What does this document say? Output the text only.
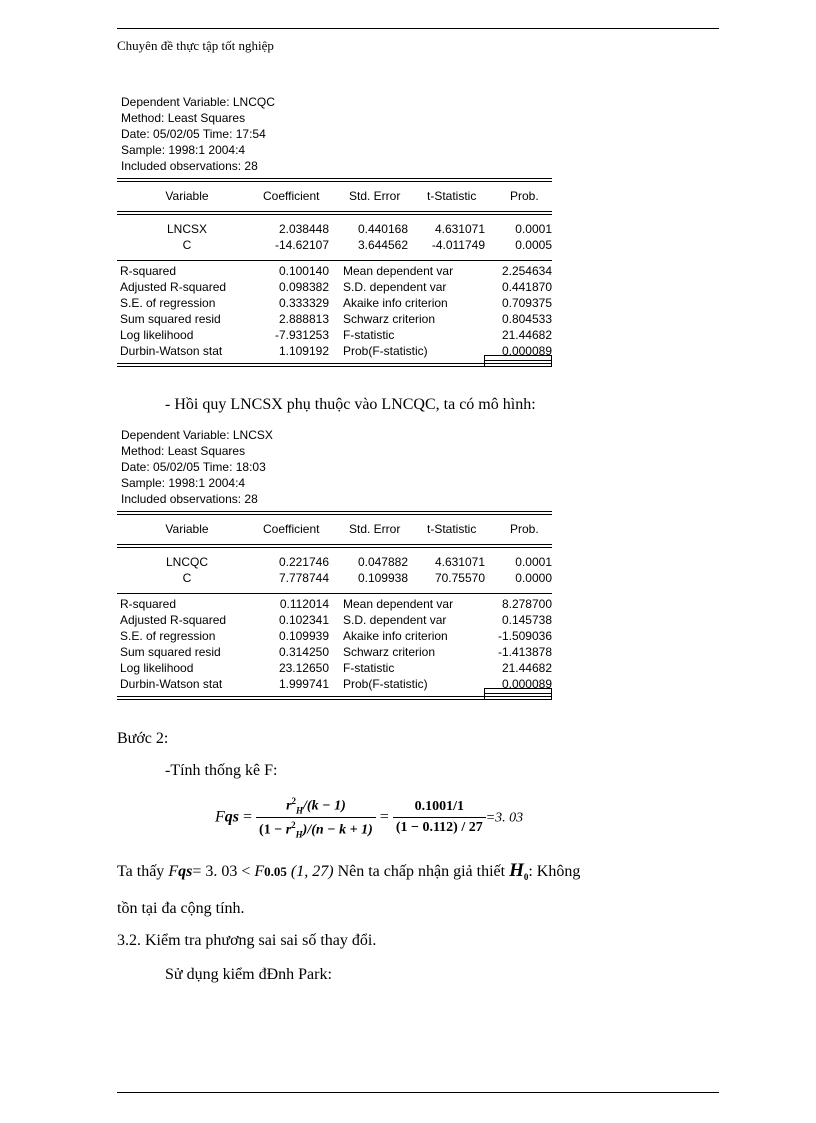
Chuyên đề thực tập tốt nghiệp
Dependent Variable: LNCQC
Method: Least Squares
Date: 05/02/05 Time: 17:54
Sample: 1998:1 2004:4
Included observations: 28
Variable	Coefficient Std. Error t-Statistic	Prob.
LNCSX	2.038448 0.440168 4.631071	0.0001
C	-14.62107 3.644562 -4.011749	0.0005
R-squared	0.100140 Mean dependent var	2.254634
Adjusted R-squared	0.098382 S.D. dependent var	0.441870
S.E. of regression	0.333329 Akaike info criterion	0.709375
Sum squared resid	2.888813 Schwarz criterion	0.804533
Log likelihood	-7.931253 F-statistic	21.44682
Durbin-Watson stat	1.109192 Prob(F-statistic)	0.000089
- Hồi quy LNCSX phụ thuộc vào LNCQC, ta có mô hình:
Dependent Variable: LNCSX
Method: Least Squares
Date: 05/02/05 Time: 18:03
Sample: 1998:1 2004:4
Included observations: 28
Variable	Coefficient Std. Error t-Statistic	Prob.
LNCQC	0.221746 0.047882 4.631071	0.0001
C	7.778744 0.109938 70.75570	0.0000
R-squared	0.112014 Mean dependent var	8.278700
Adjusted R-squared	0.102341 S.D. dependent var	0.145738
S.E. of regression	0.109939 Akaike info criterion	-1.509036
Sum squared resid	0.314250 Schwarz criterion	-1.413878
Log likelihood	23.12650 F-statistic	21.44682
Durbin-Watson stat	1.999741 Prob(F-statistic)	0.000089
Bước 2:
-Tính thống kê F:
Fqs = $\frac{r^2_H/(k - 1)}{(1 - r^2_H)/(n - k + 1)} = \frac{0.1001/1}{(1 - 0.112) / 27} =3$. 03
Ta thấy Fqs= 3. 03 < F0.05 (1, 27) Nên ta chấp nhận giả thiết $H_0$: Không
tồn tại đa cộng tính.
3.2. Kiểm tra phương sai sai số thay đổi.
Sử dụng kiểm đĐnh Park:
